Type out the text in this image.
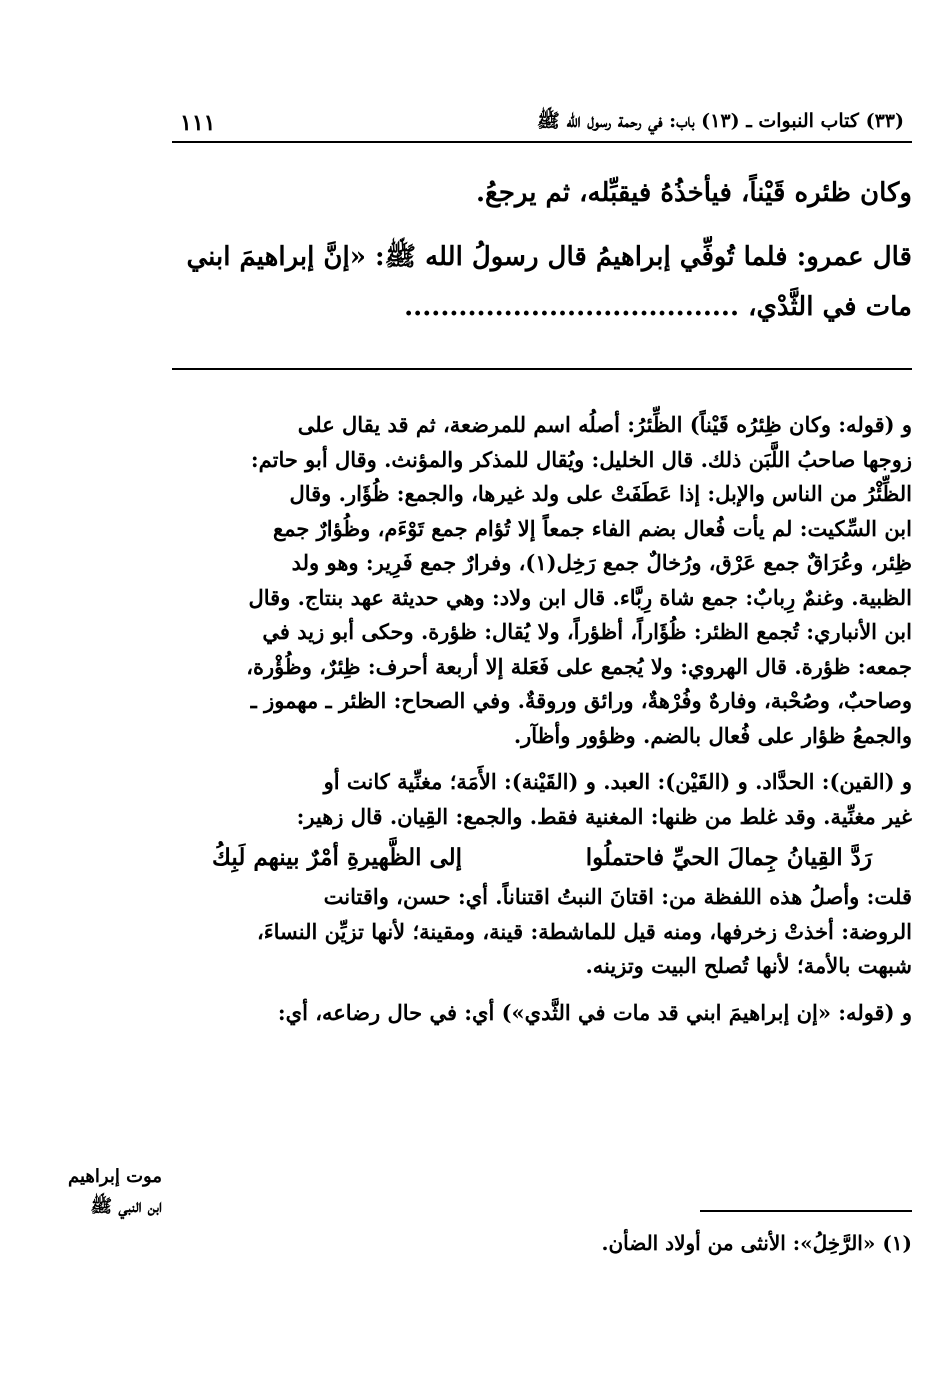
(٣٣) كتاب النبوات ـ (١٣) باب: في رحمة رسول الله ﷺ
١١١

وكان ظئره قَيْناً، فيأخذُهُ فيقبِّله، ثم يرجعُ.

قال عمرو: فلما تُوفِّي إبراهيمُ قال رسولُ الله ﷺ: «إنَّ إبراهيمَ ابني

مات في الثَّدْي، .....................................

و (قوله: وكان ظِئرُه قَيْناً) الظِّئرُ: أصلُه اسم للمرضعة، ثم قد يقال على

زوجها صاحبُ اللَّبَن ذلك. قال الخليل: ويُقال للمذكر والمؤنث. وقال أبو حاتم:

الظِّئْرُ من الناس والإبل: إذا عَطَفَتْ على ولد غيرها، والجمع: ظُؤَار. وقال

ابن السِّكيت: لم يأت فُعال بضم الفاء جمعاً إلا تُؤام جمع تَوْءَم، وظُؤارٌ جمع

ظِئر، وعُرَاقٌ جمع عَرْق، ورُخالٌ جمع رَخِل(١)، وفرارٌ جمع فَرِير: وهو ولد

الظبية. وغنمٌ رِبابٌ: جمع شاة رِبَّاء. قال ابن ولاد: وهي حديثة عهد بنتاج. وقال

ابن الأنباري: تُجمع الظئر: ظُؤَاراً، أظؤراً، ولا يُقال: ظؤرة. وحكى أبو زيد في

جمعه: ظؤرة. قال الهروي: ولا يُجمع على فَعَلة إلا أربعة أحرف: ظِئرٌ، وظُؤْرة،

وصاحبٌ، وصُحْبة، وفارهٌ وفُرْهةٌ، ورائق وروقةٌ. وفي الصحاح: الظئر ـ مهموز ـ

والجمعُ ظؤار على فُعال بالضم. وظؤور وأظآر.

و (القين): الحدَّاد. و (القَيْن): العبد. و (القَيْنة): الأَمَة؛ مغنِّية كانت أو

غير مغنِّية. وقد غلط من ظنها: المغنية فقط. والجمع: القِيان. قال زهير:

رَدَّ القِيانُ جِمالَ الحيِّ فاحتملُوا
إلى الظَّهيرةِ أمْرٌ بينهم لَبِكُ

قلت: وأصلُ هذه اللفظة من: اقتانَ النبتُ اقتناناً. أي: حسن، واقتانت

الروضة: أخذتْ زخرفها، ومنه قيل للماشطة: قينة، ومقينة؛ لأنها تزيِّن النساءَ،

شبهت بالأمة؛ لأنها تُصلح البيت وتزينه.

و (قوله: «إن إبراهيمَ ابني قد مات في الثَّدي») أي: في حال رضاعه، أي:

موت إبراهيم
ابن النبي ﷺ
(١) «الرَّخِلُ»: الأنثى من أولاد الضأن.
